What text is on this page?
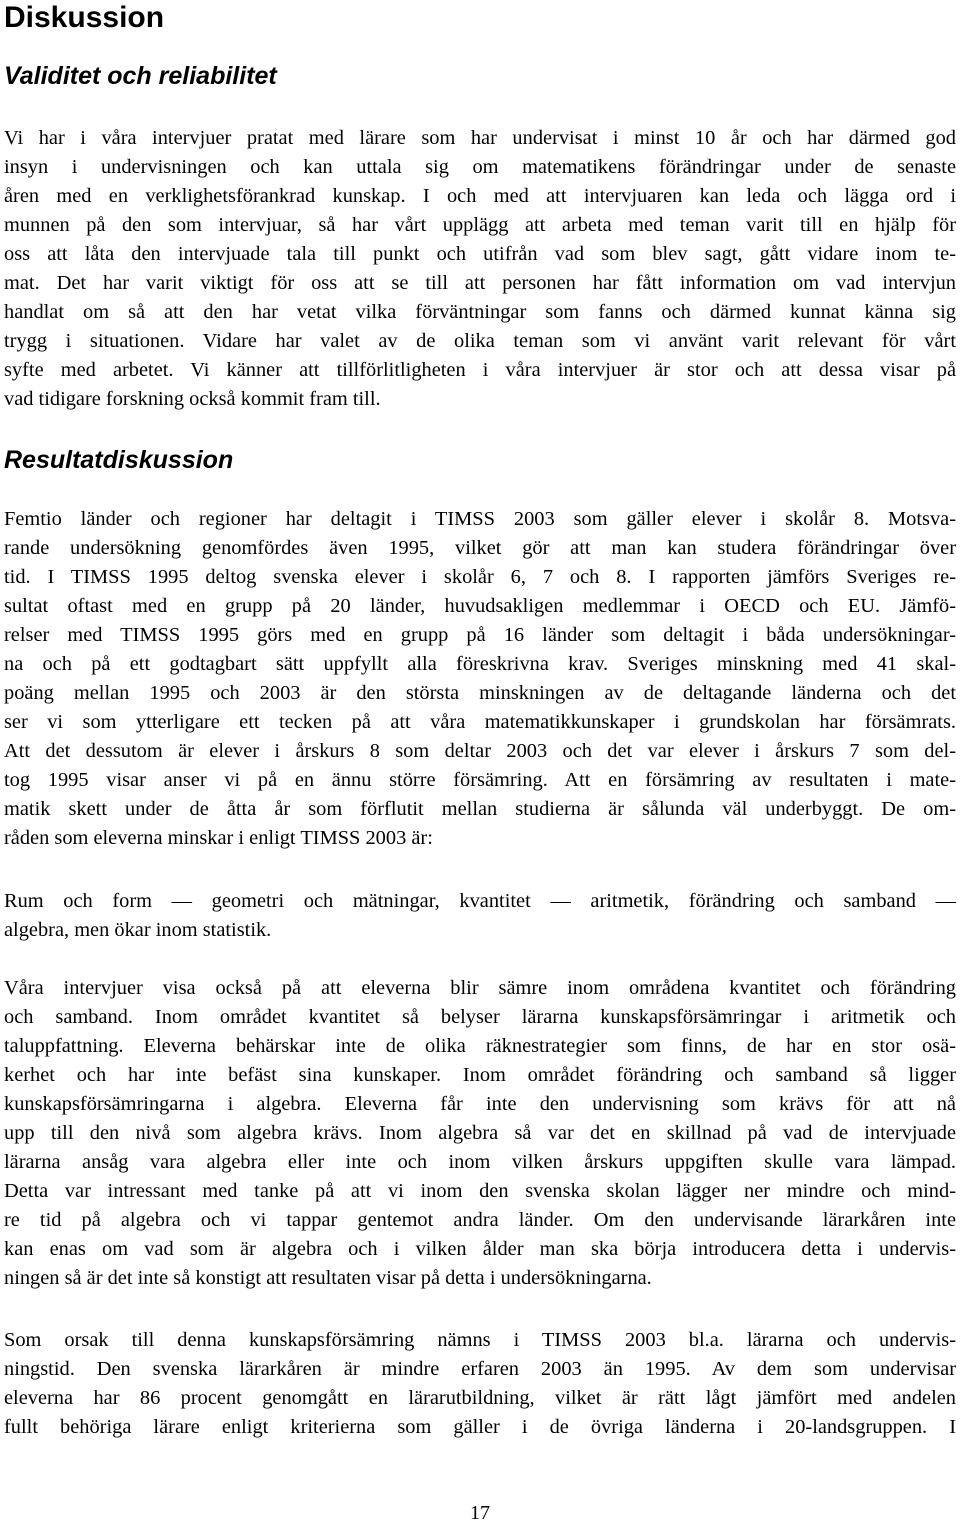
Diskussion
Validitet och reliabilitet
Vi har i våra intervjuer pratat med lärare som har undervisat i minst 10 år och har därmed god
insyn i undervisningen och kan uttala sig om matematikens förändringar under de senaste
åren med en verklighetsförankrad kunskap. I och med att intervjuaren kan leda och lägga ord i
munnen på den som intervjuar, så har vårt upplägg att arbeta med teman varit till en hjälp för
oss att låta den intervjuade tala till punkt och utifrån vad som blev sagt, gått vidare inom te-
mat. Det har varit viktigt för oss att se till att personen har fått information om vad intervjun
handlat om så att den har vetat vilka förväntningar som fanns och därmed kunnat känna sig
trygg i situationen. Vidare har valet av de olika teman som vi använt varit relevant för vårt
syfte med arbetet. Vi känner att tillförlitligheten i våra intervjuer är stor och att dessa visar på
vad tidigare forskning också kommit fram till.
Resultatdiskussion
Femtio länder och regioner har deltagit i TIMSS 2003 som gäller elever i skolår 8. Motsva-
rande undersökning genomfördes även 1995, vilket gör att man kan studera förändringar över
tid. I TIMSS 1995 deltog svenska elever i skolår 6, 7 och 8. I rapporten jämförs Sveriges re-
sultat oftast med en grupp på 20 länder, huvudsakligen medlemmar i OECD och EU. Jämfö-
relser med TIMSS 1995 görs med en grupp på 16 länder som deltagit i båda undersökningar-
na och på ett godtagbart sätt uppfyllt alla föreskrivna krav. Sveriges minskning med 41 skal-
poäng mellan 1995 och 2003 är den största minskningen av de deltagande länderna och det
ser vi som ytterligare ett tecken på att våra matematikkunskaper i grundskolan har försämrats.
Att det dessutom är elever i årskurs 8 som deltar 2003 och det var elever i årskurs 7 som del-
tog 1995 visar anser vi på en ännu större försämring. Att en försämring av resultaten i mate-
matik skett under de åtta år som förflutit mellan studierna är sålunda väl underbyggt. De om-
råden som eleverna minskar i enligt TIMSS 2003 är:
Rum och form — geometri och mätningar, kvantitet — aritmetik, förändring och samband —
algebra, men ökar inom statistik.
Våra intervjuer visa också på att eleverna blir sämre inom områdena kvantitet och förändring
och samband. Inom området kvantitet så belyser lärarna kunskapsförsämringar i aritmetik och
taluppfattning. Eleverna behärskar inte de olika räknestrategier som finns, de har en stor osä-
kerhet och har inte befäst sina kunskaper. Inom området förändring och samband så ligger
kunskapsförsämringarna i algebra. Eleverna får inte den undervisning som krävs för att nå
upp till den nivå som algebra krävs. Inom algebra så var det en skillnad på vad de intervjuade
lärarna ansåg vara algebra eller inte och inom vilken årskurs uppgiften skulle vara lämpad.
Detta var intressant med tanke på att vi inom den svenska skolan lägger ner mindre och mind-
re tid på algebra och vi tappar gentemot andra länder. Om den undervisande lärarkåren inte
kan enas om vad som är algebra och i vilken ålder man ska börja introducera detta i undervis-
ningen så är det inte så konstigt att resultaten visar på detta i undersökningarna.
Som orsak till denna kunskapsförsämring nämns i TIMSS 2003 bl.a. lärarna och undervis-
ningstid. Den svenska lärarkåren är mindre erfaren 2003 än 1995. Av dem som undervisar
eleverna har 86 procent genomgått en lärarutbildning, vilket är rätt lågt jämfört med andelen
fullt behöriga lärare enligt kriterierna som gäller i de övriga länderna i 20-landsgruppen. I
17
